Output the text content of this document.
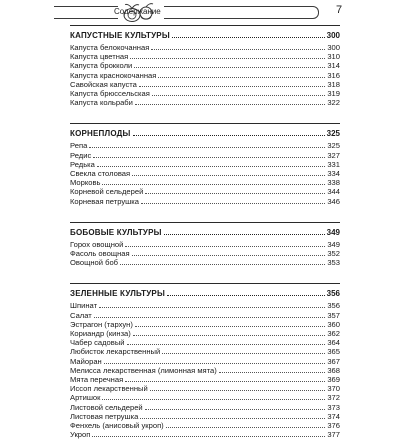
Содержание	7
КАПУСТНЫЕ КУЛЬТУРЫ	300
Капуста белокочанная	300
Капуста цветная	310
Капуста брокколи	314
Капуста краснокочанная	316
Савойская капуста	318
Капуста брюссельская	319
Капуста кольраби	322
КОРНЕПЛОДЫ	325
Репа	325
Редис	327
Редька	331
Свекла столовая	334
Морковь	338
Корневой сельдерей	344
Корневая петрушка	346
БОБОВЫЕ КУЛЬТУРЫ	349
Горох овощной	349
Фасоль овощная	352
Овощной боб	353
ЗЕЛЕННЫЕ КУЛЬТУРЫ	356
Шпинат	356
Салат	357
Эстрагон (тархун)	360
Кориандр (кинза)	362
Чабер садовый	364
Любисток лекарственный	365
Майоран	367
Мелисса лекарственная (лимонная мята)	368
Мята перечная	369
Иссоп лекарственный	370
Артишок	372
Листовой сельдерей	373
Листовая петрушка	374
Фенхель (анисовый укроп)	376
Укроп	377
